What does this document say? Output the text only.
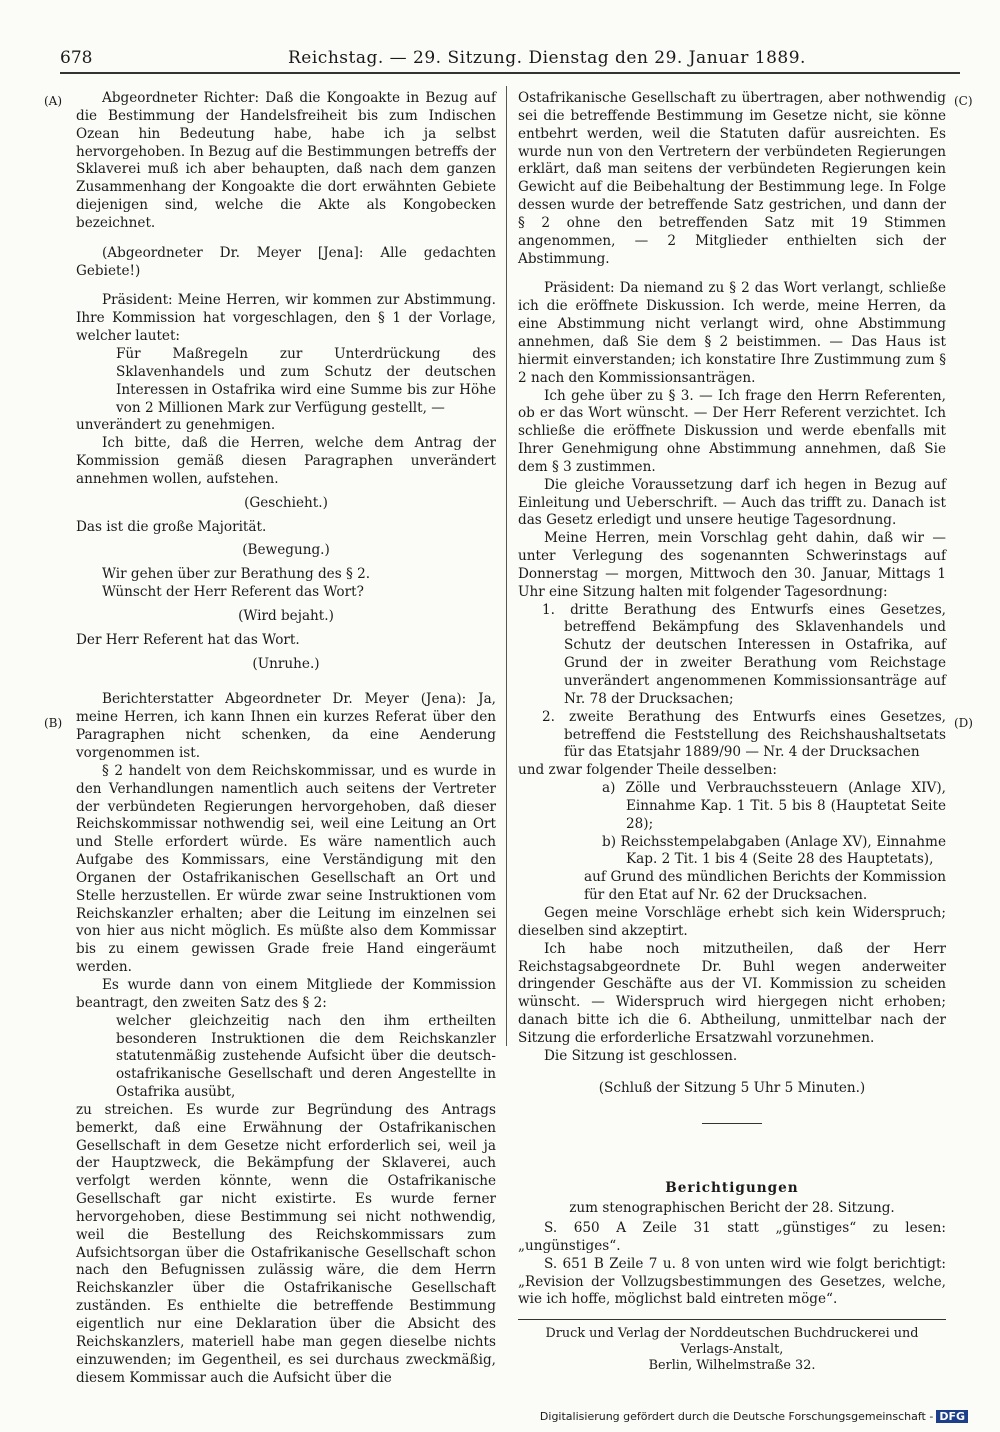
678	Reichstag. — 29. Sitzung. Dienstag den 29. Januar 1889.
(A)
(B)
(C)
(D)

Abgeordneter Richter: Daß die Kongoakte in Bezug auf die Bestimmung der Handelsfreiheit bis zum Indischen Ozean hin Bedeutung habe, habe ich ja selbst hervorgehoben. In Bezug auf die Bestimmungen betreffs der Sklaverei muß ich aber behaupten, daß nach dem ganzen Zusammenhang der Kongoakte die dort erwähnten Gebiete diejenigen sind, welche die Akte als Kongobecken bezeichnet.

(Abgeordneter Dr. Meyer [Jena]: Alle gedachten Gebiete!)

Präsident: Meine Herren, wir kommen zur Abstimmung. Ihre Kommission hat vorgeschlagen, den § 1 der Vorlage, welcher lautet:

Für Maßregeln zur Unterdrückung des Sklavenhandels und zum Schutz der deutschen Interessen in Ostafrika wird eine Summe bis zur Höhe von 2 Millionen Mark zur Verfügung gestellt, —

unverändert zu genehmigen.

Ich bitte, daß die Herren, welche dem Antrag der Kommission gemäß diesen Paragraphen unverändert annehmen wollen, aufstehen.

(Geschieht.)

Das ist die große Majorität.

(Bewegung.)

Wir gehen über zur Berathung des § 2.

Wünscht der Herr Referent das Wort?

(Wird bejaht.)

Der Herr Referent hat das Wort.

(Unruhe.)

Berichterstatter Abgeordneter Dr. Meyer (Jena): Ja, meine Herren, ich kann Ihnen ein kurzes Referat über den Paragraphen nicht schenken, da eine Aenderung vorgenommen ist.

§ 2 handelt von dem Reichskommissar, und es wurde in den Verhandlungen namentlich auch seitens der Vertreter der verbündeten Regierungen hervorgehoben, daß dieser Reichskommissar nothwendig sei, weil eine Leitung an Ort und Stelle erfordert würde. Es wäre namentlich auch Aufgabe des Kommissars, eine Verständigung mit den Organen der Ostafrikanischen Gesellschaft an Ort und Stelle herzustellen. Er würde zwar seine Instruktionen vom Reichskanzler erhalten; aber die Leitung im einzelnen sei von hier aus nicht möglich. Es müßte also dem Kommissar bis zu einem gewissen Grade freie Hand eingeräumt werden.

Es wurde dann von einem Mitgliede der Kommission beantragt, den zweiten Satz des § 2:

welcher gleichzeitig nach den ihm ertheilten besonderen Instruktionen die dem Reichskanzler statutenmäßig zustehende Aufsicht über die deutsch-ostafrikanische Gesellschaft und deren Angestellte in Ostafrika ausübt,

zu streichen. Es wurde zur Begründung des Antrags bemerkt, daß eine Erwähnung der Ostafrikanischen Gesellschaft in dem Gesetze nicht erforderlich sei, weil ja der Hauptzweck, die Bekämpfung der Sklaverei, auch verfolgt werden könnte, wenn die Ostafrikanische Gesellschaft gar nicht existirte. Es wurde ferner hervorgehoben, diese Bestimmung sei nicht nothwendig, weil die Bestellung des Reichskommissars zum Aufsichtsorgan über die Ostafrikanische Gesellschaft schon nach den Befugnissen zulässig wäre, die dem Herrn Reichskanzler über die Ostafrikanische Gesellschaft zuständen. Es enthielte die betreffende Bestimmung eigentlich nur eine Deklaration über die Absicht des Reichskanzlers, materiell habe man gegen dieselbe nichts einzuwenden; im Gegentheil, es sei durchaus zweckmäßig, diesem Kommissar auch die Aufsicht über die

Ostafrikanische Gesellschaft zu übertragen, aber nothwendig sei die betreffende Bestimmung im Gesetze nicht, sie könne entbehrt werden, weil die Statuten dafür ausreichten. Es wurde nun von den Vertretern der verbündeten Regierungen erklärt, daß man seitens der verbündeten Regierungen kein Gewicht auf die Beibehaltung der Bestimmung lege. In Folge dessen wurde der betreffende Satz gestrichen, und dann der § 2 ohne den betreffenden Satz mit 19 Stimmen angenommen, — 2 Mitglieder enthielten sich der Abstimmung.

Präsident: Da niemand zu § 2 das Wort verlangt, schließe ich die eröffnete Diskussion. Ich werde, meine Herren, da eine Abstimmung nicht verlangt wird, ohne Abstimmung annehmen, daß Sie dem § 2 beistimmen. — Das Haus ist hiermit einverstanden; ich konstatire Ihre Zustimmung zum § 2 nach den Kommissionsanträgen.

Ich gehe über zu § 3. — Ich frage den Herrn Referenten, ob er das Wort wünscht. — Der Herr Referent verzichtet. Ich schließe die eröffnete Diskussion und werde ebenfalls mit Ihrer Genehmigung ohne Abstimmung annehmen, daß Sie dem § 3 zustimmen.

Die gleiche Voraussetzung darf ich hegen in Bezug auf Einleitung und Ueberschrift. — Auch das trifft zu. Danach ist das Gesetz erledigt und unsere heutige Tagesordnung.

Meine Herren, mein Vorschlag geht dahin, daß wir — unter Verlegung des sogenannten Schwerinstags auf Donnerstag — morgen, Mittwoch den 30. Januar, Mittags 1 Uhr eine Sitzung halten mit folgender Tagesordnung:

1. dritte Berathung des Entwurfs eines Gesetzes, betreffend Bekämpfung des Sklavenhandels und Schutz der deutschen Interessen in Ostafrika, auf Grund der in zweiter Berathung vom Reichstage unverändert angenommenen Kommissionsanträge auf Nr. 78 der Drucksachen;

2. zweite Berathung des Entwurfs eines Gesetzes, betreffend die Feststellung des Reichshaushaltsetats für das Etatsjahr 1889/90 — Nr. 4 der Drucksachen

und zwar folgender Theile desselben:

a) Zölle und Verbrauchssteuern (Anlage XIV), Einnahme Kap. 1 Tit. 5 bis 8 (Hauptetat Seite 28);

b) Reichsstempelabgaben (Anlage XV), Einnahme Kap. 2 Tit. 1 bis 4 (Seite 28 des Hauptetats),

auf Grund des mündlichen Berichts der Kommission für den Etat auf Nr. 62 der Drucksachen.

Gegen meine Vorschläge erhebt sich kein Widerspruch; dieselben sind akzeptirt.

Ich habe noch mitzutheilen, daß der Herr Reichstagsabgeordnete Dr. Buhl wegen anderweiter dringender Geschäfte aus der VI. Kommission zu scheiden wünscht. — Widerspruch wird hiergegen nicht erhoben; danach bitte ich die 6. Abtheilung, unmittelbar nach der Sitzung die erforderliche Ersatzwahl vorzunehmen.

Die Sitzung ist geschlossen.

(Schluß der Sitzung 5 Uhr 5 Minuten.)

Berichtigungen

zum stenographischen Bericht der 28. Sitzung.

S. 650 A Zeile 31 statt „günstiges“ zu lesen: „ungünstiges“.

S. 651 B Zeile 7 u. 8 von unten wird wie folgt berichtigt: „Revision der Vollzugsbestimmungen des Gesetzes, welche, wie ich hoffe, möglichst bald eintreten möge“.

Druck und Verlag der Norddeutschen Buchdruckerei und Verlags-Anstalt,

Berlin, Wilhelmstraße 32.

Digitalisierung gefördert durch die Deutsche Forschungsgemeinschaft - DFG
